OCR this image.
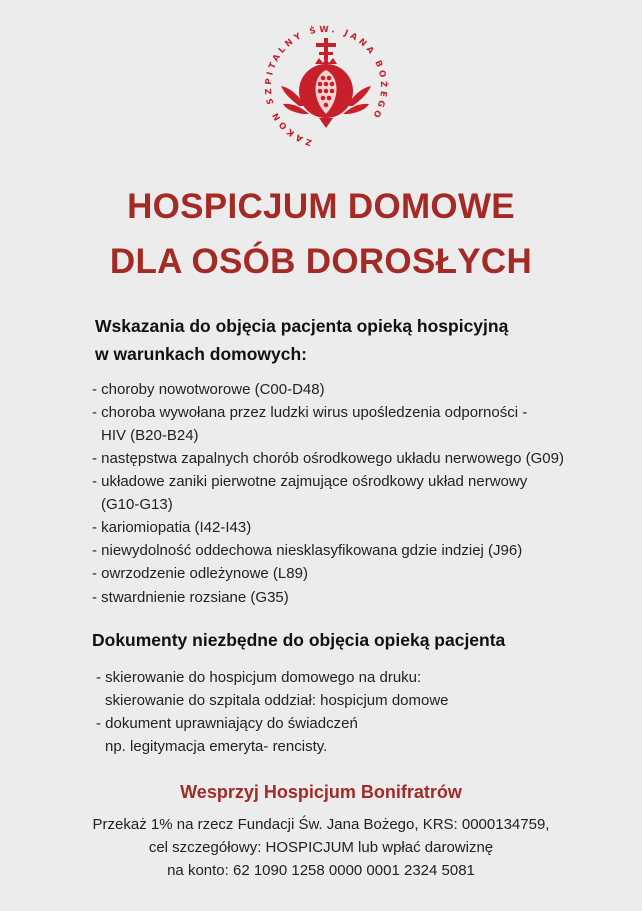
ZAKON SZPITALNY ŚW. JANA BOŻEGO
HOSPICJUM DOMOWE
DLA OSÓB DOROSŁYCH
Wskazania do objęcia pacjenta opieką hospicyjną
w warunkach domowych:
- choroby nowotworowe (C00-D48)
- choroba wywołana przez ludzki wirus upośledzenia odporności -
HIV (B20-B24)
- następstwa zapalnych chorób ośrodkowego układu nerwowego (G09)
- układowe zaniki pierwotne zajmujące ośrodkowy układ nerwowy
(G10-G13)
- kariomiopatia (I42-I43)
- niewydolność oddechowa niesklasyfikowana gdzie indziej (J96)
- owrzodzenie odleżynowe (L89)
- stwardnienie rozsiane (G35)
Dokumenty niezbędne do objęcia opieką pacjenta
- skierowanie do hospicjum domowego na druku:
skierowanie do szpitala oddział: hospicjum domowe
- dokument uprawniający do świadczeń
np. legitymacja emeryta- rencisty.
Wesprzyj Hospicjum Bonifratrów
Przekaż 1% na rzecz Fundacji Św. Jana Bożego, KRS: 0000134759,
cel szczegółowy: HOSPICJUM lub wpłać darowiznę
na konto: 62 1090 1258 0000 0001 2324 5081
